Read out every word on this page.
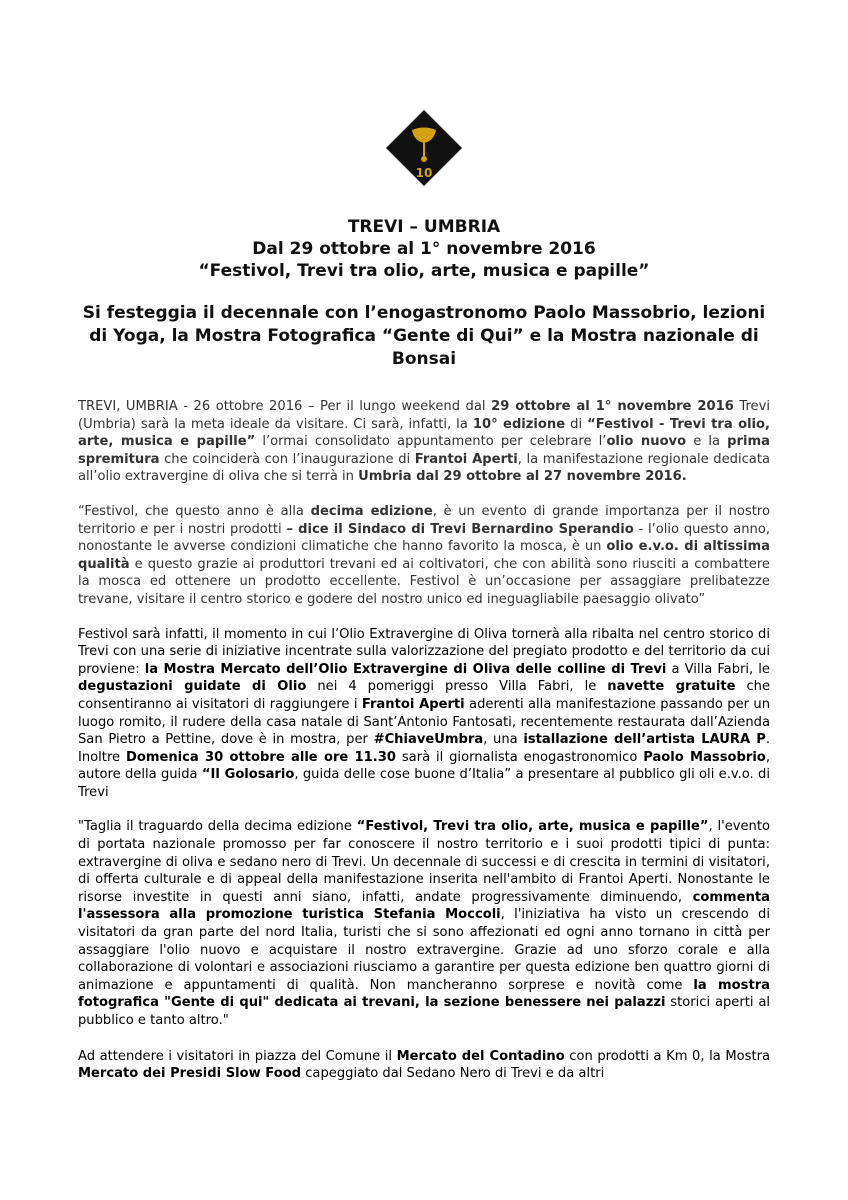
10
TREVI – UMBRIA
Dal 29 ottobre al 1° novembre 2016
“Festivol, Trevi tra olio, arte, musica e papille”
Si festeggia il decennale con l’enogastronomo Paolo Massobrio, lezioni di Yoga, la Mostra Fotografica “Gente di Qui” e la Mostra nazionale di Bonsai

TREVI, UMBRIA - 26 ottobre 2016 – Per il lungo weekend dal 29 ottobre al 1° novembre 2016 Trevi (Umbria) sarà la meta ideale da visitare. Ci sarà, infatti, la 10° edizione di “Festivol - Trevi tra olio, arte, musica e papille” l’ormai consolidato appuntamento per celebrare l’olio nuovo e la prima spremitura che coinciderà con l’inaugurazione di Frantoi Aperti, la manifestazione regionale dedicata all’olio extravergine di oliva che si terrà in Umbria dal 29 ottobre al 27 novembre 2016.

“Festivol, che questo anno è alla decima edizione, è un evento di grande importanza per il nostro territorio e per i nostri prodotti – dice il Sindaco di Trevi Bernardino Sperandio - l’olio questo anno, nonostante le avverse condizioni climatiche che hanno favorito la mosca, è un olio e.v.o. di altissima qualità e questo grazie ai produttori trevani ed ai coltivatori, che con abilità sono riusciti a combattere la mosca ed ottenere un prodotto eccellente. Festivol è un’occasione per assaggiare prelibatezze trevane, visitare il centro storico e godere del nostro unico ed ineguagliabile paesaggio olivato”

Festivol sarà infatti, il momento in cui l’Olio Extravergine di Oliva tornerà alla ribalta nel centro storico di Trevi con una serie di iniziative incentrate sulla valorizzazione del pregiato prodotto e del territorio da cui proviene: la Mostra Mercato dell’Olio Extravergine di Oliva delle colline di Trevi a Villa Fabri, le degustazioni guidate di Olio nei 4 pomeriggi presso Villa Fabri, le navette gratuite che consentiranno ai visitatori di raggiungere i Frantoi Aperti aderenti alla manifestazione passando per un luogo romito, il rudere della casa natale di Sant’Antonio Fantosati, recentemente restaurata dall’Azienda San Pietro a Pettine, dove è in mostra, per #ChiaveUmbra, una istallazione dell’artista LAURA P. Inoltre Domenica 30 ottobre alle ore 11.30 sarà il giornalista enogastronomico Paolo Massobrio, autore della guida “Il Golosario, guida delle cose buone d’Italia” a presentare al pubblico gli oli e.v.o. di Trevi

"Taglia il traguardo della decima edizione “Festivol, Trevi tra olio, arte, musica e papille”, l'evento di portata nazionale promosso per far conoscere il nostro territorio e i suoi prodotti tipici di punta: extravergine di oliva e sedano nero di Trevi. Un decennale di successi e di crescita in termini di visitatori, di offerta culturale e di appeal della manifestazione inserita nell'ambito di Frantoi Aperti. Nonostante le risorse investite in questi anni siano, infatti, andate progressivamente diminuendo, commenta l'assessora alla promozione turistica Stefania Moccoli, l'iniziativa ha visto un crescendo di visitatori da gran parte del nord Italia, turisti che si sono affezionati ed ogni anno tornano in città per assaggiare l'olio nuovo e acquistare il nostro extravergine. Grazie ad uno sforzo corale e alla collaborazione di volontari e associazioni riusciamo a garantire per questa edizione ben quattro giorni di animazione e appuntamenti di qualità. Non mancheranno sorprese e novità come la mostra fotografica "Gente di qui" dedicata ai trevani, la sezione benessere nei palazzi storici aperti al pubblico e tanto altro."

Ad attendere i visitatori in piazza del Comune il Mercato del Contadino con prodotti a Km 0, la Mostra Mercato dei Presidi Slow Food capeggiato dal Sedano Nero di Trevi e da altri
